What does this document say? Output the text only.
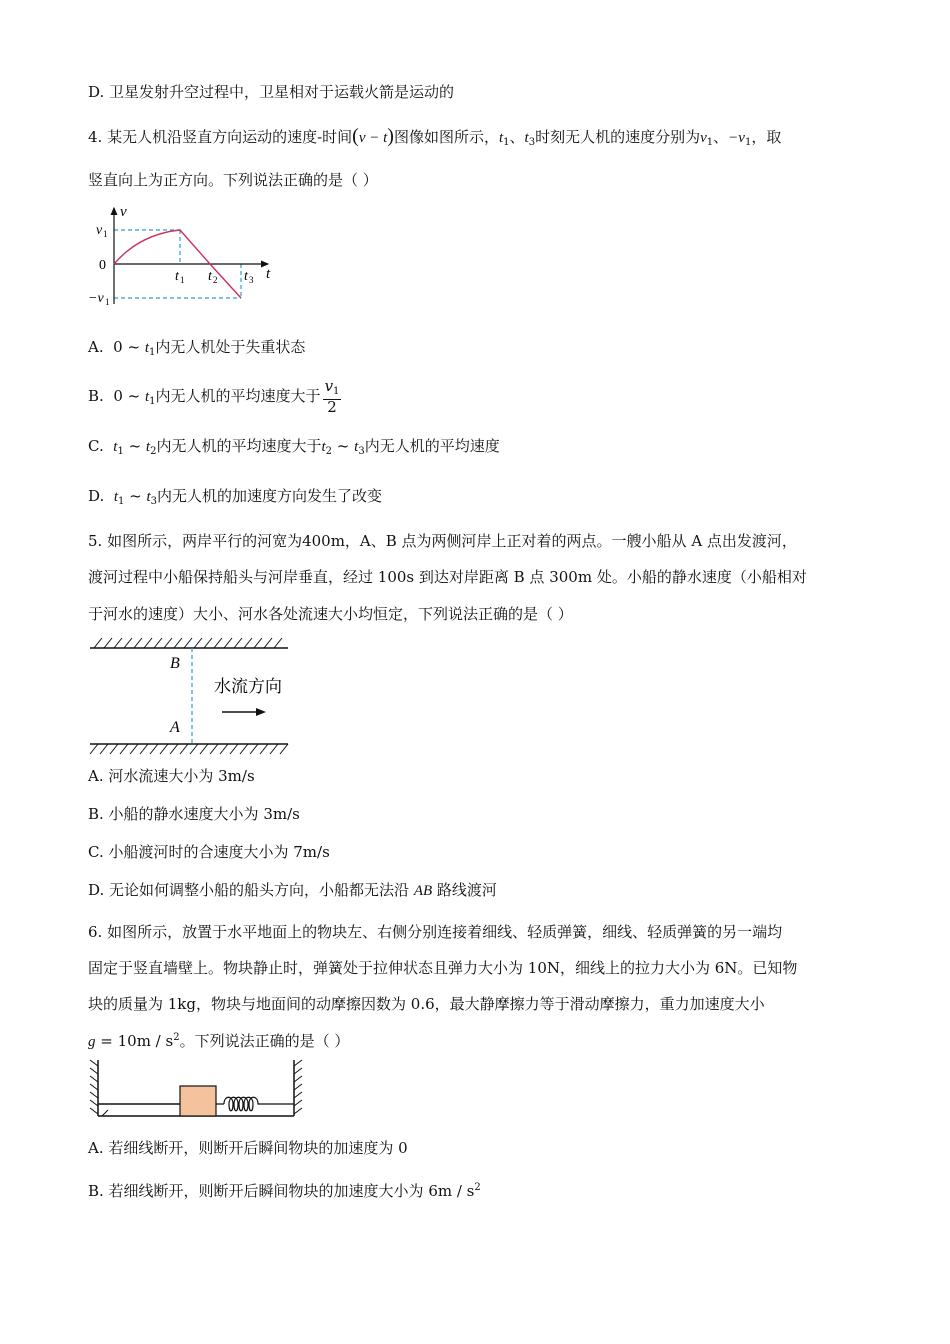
D. 卫星发射升空过程中，卫星相对于运载火箭是运动的
4. 某无人机沿竖直方向运动的速度-时间(v − t)图像如图所示，$t_1$、$t_3$时刻无人机的速度分别为$v_1$、$-v_1$，取
竖直向上为正方向。下列说法正确的是（ ）
v
t
v 1
0
−v 1
t 1 t 2 t 3
A. 0 ~ $t_1$内无人机处于失重状态
B. 0 ~ $t_1$内无人机的平均速度大于 $\frac{v_1}{2}$
C. $t_1$ ~ $t_2$内无人机的平均速度大于$t_2$ ~ $t_3$内无人机的平均速度
D. $t_1$ ~ $t_3$内无人机的加速度方向发生了改变
5. 如图所示，两岸平行的河宽为400m，A、B 点为两侧河岸上正对着的两点。一艘小船从 A 点出发渡河，
渡河过程中小船保持船头与河岸垂直，经过 100s 到达对岸距离 B 点 300m 处。小船的静水速度（小船相对
于河水的速度）大小、河水各处流速大小均恒定，下列说法正确的是（ ）
B
A
水流方向
A. 河水流速大小为 3m/s
B. 小船的静水速度大小为 3m/s
C. 小船渡河时的合速度大小为 7m/s
D. 无论如何调整小船的船头方向，小船都无法沿 AB 路线渡河
6. 如图所示，放置于水平地面上的物块左、右侧分别连接着细线、轻质弹簧，细线、轻质弹簧的另一端均
固定于竖直墙壁上。物块静止时，弹簧处于拉伸状态且弹力大小为 10N，细线上的拉力大小为 6N。已知物
块的质量为 1kg，物块与地面间的动摩擦因数为 0.6，最大静摩擦力等于滑动摩擦力，重力加速度大小
$g = 10m / s^2$。下列说法正确的是（ ）
A. 若细线断开，则断开后瞬间物块的加速度为 0
B. 若细线断开，则断开后瞬间物块的加速度大小为 $6m / s^2$
